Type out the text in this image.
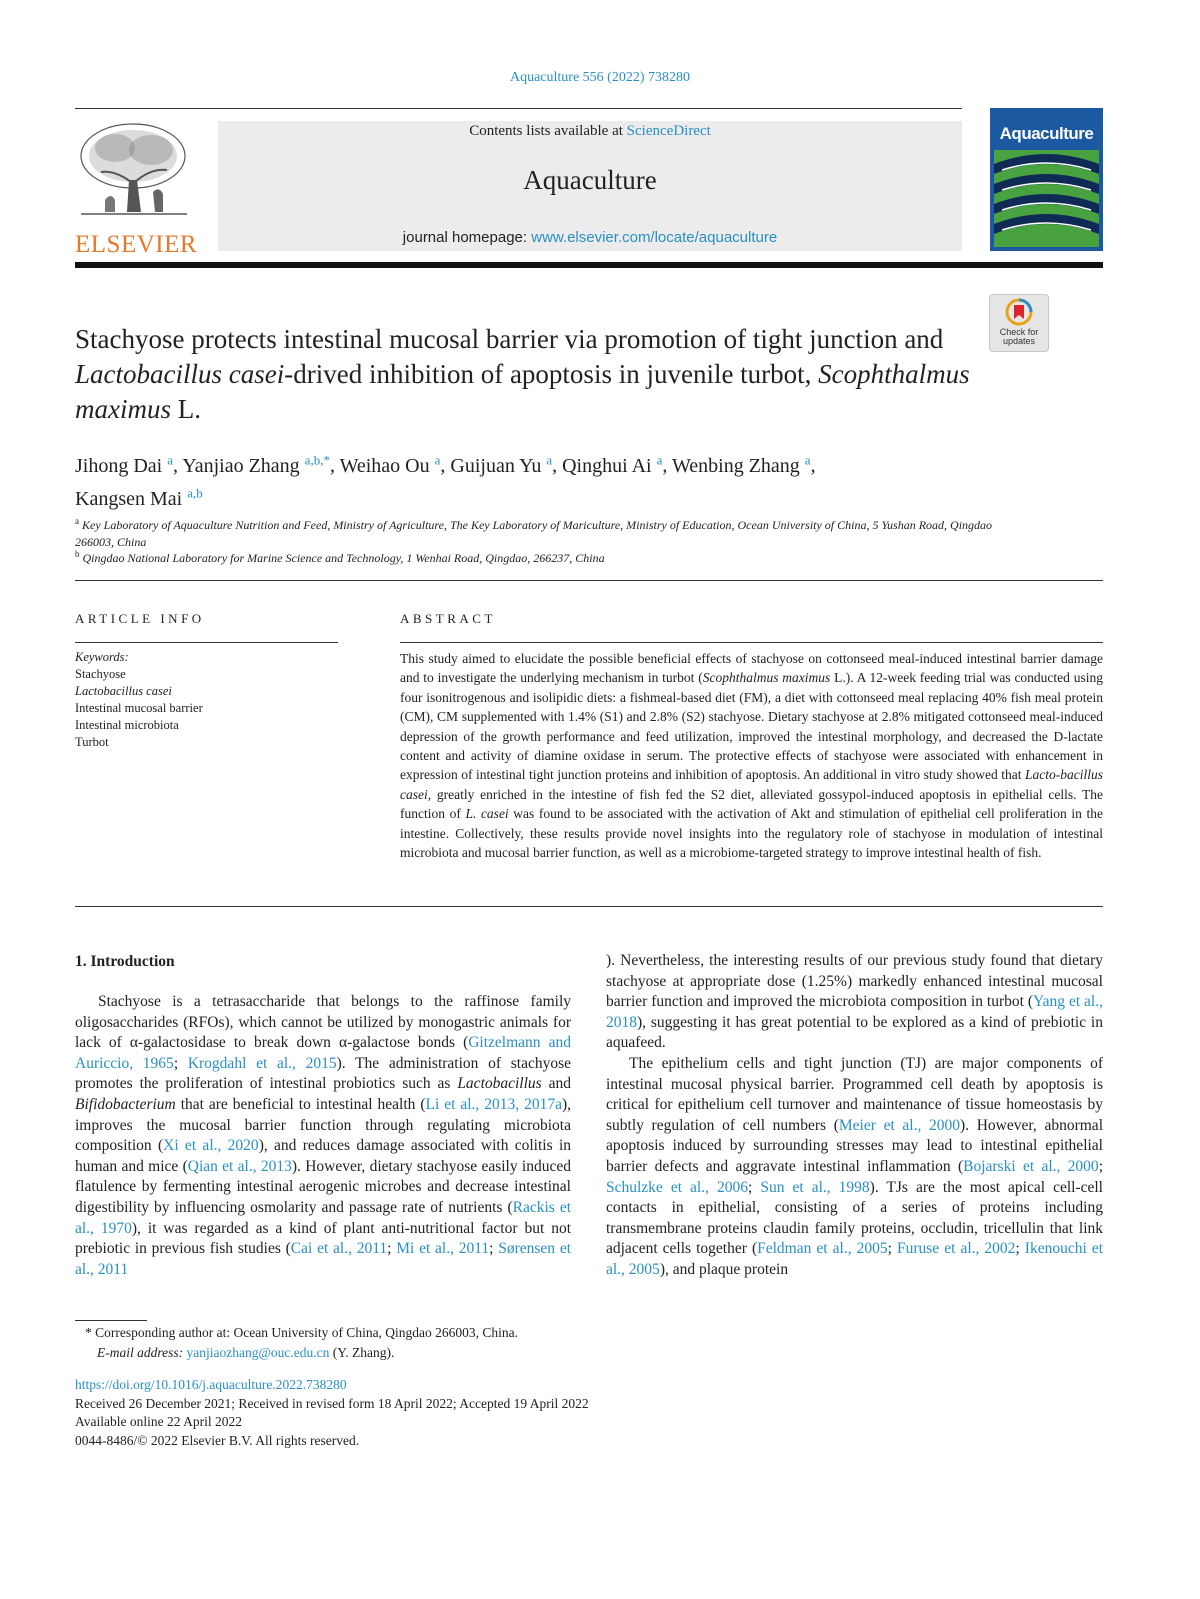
Aquaculture 556 (2022) 738280
ELSEVIER
Contents lists available at ScienceDirect
Aquaculture
journal homepage: www.elsevier.com/locate/aquaculture
Aquaculture
Check for
updates
Stachyose protects intestinal mucosal barrier via promotion of tight junction and Lactobacillus casei-drived inhibition of apoptosis in juvenile turbot, Scophthalmus maximus L.
Jihong Dai $^a$, Yanjiao Zhang $^{a,b,*}$, Weihao Ou $^a$, Guijuan Yu $^a$, Qinghui Ai $^a$, Wenbing Zhang $^a$,
Kangsen Mai $^{a,b}$
$^a$ Key Laboratory of Aquaculture Nutrition and Feed, Ministry of Agriculture, The Key Laboratory of Mariculture, Ministry of Education, Ocean University of China, 5 Yushan Road, Qingdao 266003, China
$^b$ Qingdao National Laboratory for Marine Science and Technology, 1 Wenhai Road, Qingdao, 266237, China
ARTICLE INFO
Keywords:
Stachyose
Lactobacillus casei
Intestinal mucosal barrier
Intestinal microbiota
Turbot
ABSTRACT
This study aimed to elucidate the possible beneficial effects of stachyose on cottonseed meal-induced intestinal barrier damage and to investigate the underlying mechanism in turbot (Scophthalmus maximus L.). A 12-week feeding trial was conducted using four isonitrogenous and isolipidic diets: a fishmeal-based diet (FM), a diet with cottonseed meal replacing 40% fish meal protein (CM), CM supplemented with 1.4% (S1) and 2.8% (S2) stachyose. Dietary stachyose at 2.8% mitigated cottonseed meal-induced depression of the growth performance and feed utilization, improved the intestinal morphology, and decreased the D-lactate content and activity of diamine oxidase in serum. The protective effects of stachyose were associated with enhancement in expression of intestinal tight junction proteins and inhibition of apoptosis. An additional in vitro study showed that Lacto-bacillus casei, greatly enriched in the intestine of fish fed the S2 diet, alleviated gossypol-induced apoptosis in epithelial cells. The function of L. casei was found to be associated with the activation of Akt and stimulation of epithelial cell proliferation in the intestine. Collectively, these results provide novel insights into the regulatory role of stachyose in modulation of intestinal microbiota and mucosal barrier function, as well as a microbiome-targeted strategy to improve intestinal health of fish.
1. Introduction

Stachyose is a tetrasaccharide that belongs to the raffinose family oligosaccharides (RFOs), which cannot be utilized by monogastric animals for lack of α-galactosidase to break down α-galactose bonds (Gitzelmann and Auriccio, 1965; Krogdahl et al., 2015). The administration of stachyose promotes the proliferation of intestinal probiotics such as Lactobacillus and Bifidobacterium that are beneficial to intestinal health (Li et al., 2013, 2017a), improves the mucosal barrier function through regulating microbiota composition (Xi et al., 2020), and reduces damage associated with colitis in human and mice (Qian et al., 2013). However, dietary stachyose easily induced flatulence by fermenting intestinal aerogenic microbes and decrease intestinal digestibility by influencing osmolarity and passage rate of nutrients (Rackis et al., 1970), it was regarded as a kind of plant anti-nutritional factor but not prebiotic in previous fish studies (Cai et al., 2011; Mi et al., 2011; Sørensen et al., 2011

). Nevertheless, the interesting results of our previous study found that dietary stachyose at appropriate dose (1.25%) markedly enhanced intestinal mucosal barrier function and improved the microbiota composition in turbot (Yang et al., 2018), suggesting it has great potential to be explored as a kind of prebiotic in aquafeed.

The epithelium cells and tight junction (TJ) are major components of intestinal mucosal physical barrier. Programmed cell death by apoptosis is critical for epithelium cell turnover and maintenance of tissue homeostasis by subtly regulation of cell numbers (Meier et al., 2000). However, abnormal apoptosis induced by surrounding stresses may lead to intestinal epithelial barrier defects and aggravate intestinal inflammation (Bojarski et al., 2000; Schulzke et al., 2006; Sun et al., 1998). TJs are the most apical cell-cell contacts in epithelial, consisting of a series of proteins including transmembrane proteins claudin family proteins, occludin, tricellulin that link adjacent cells together (Feldman et al., 2005; Furuse et al., 2002; Ikenouchi et al., 2005), and plaque protein

* Corresponding author at: Ocean University of China, Qingdao 266003, China.
E-mail address: yanjiaozhang@ouc.edu.cn (Y. Zhang).
https://doi.org/10.1016/j.aquaculture.2022.738280
Received 26 December 2021; Received in revised form 18 April 2022; Accepted 19 April 2022
Available online 22 April 2022
0044-8486/© 2022 Elsevier B.V. All rights reserved.
